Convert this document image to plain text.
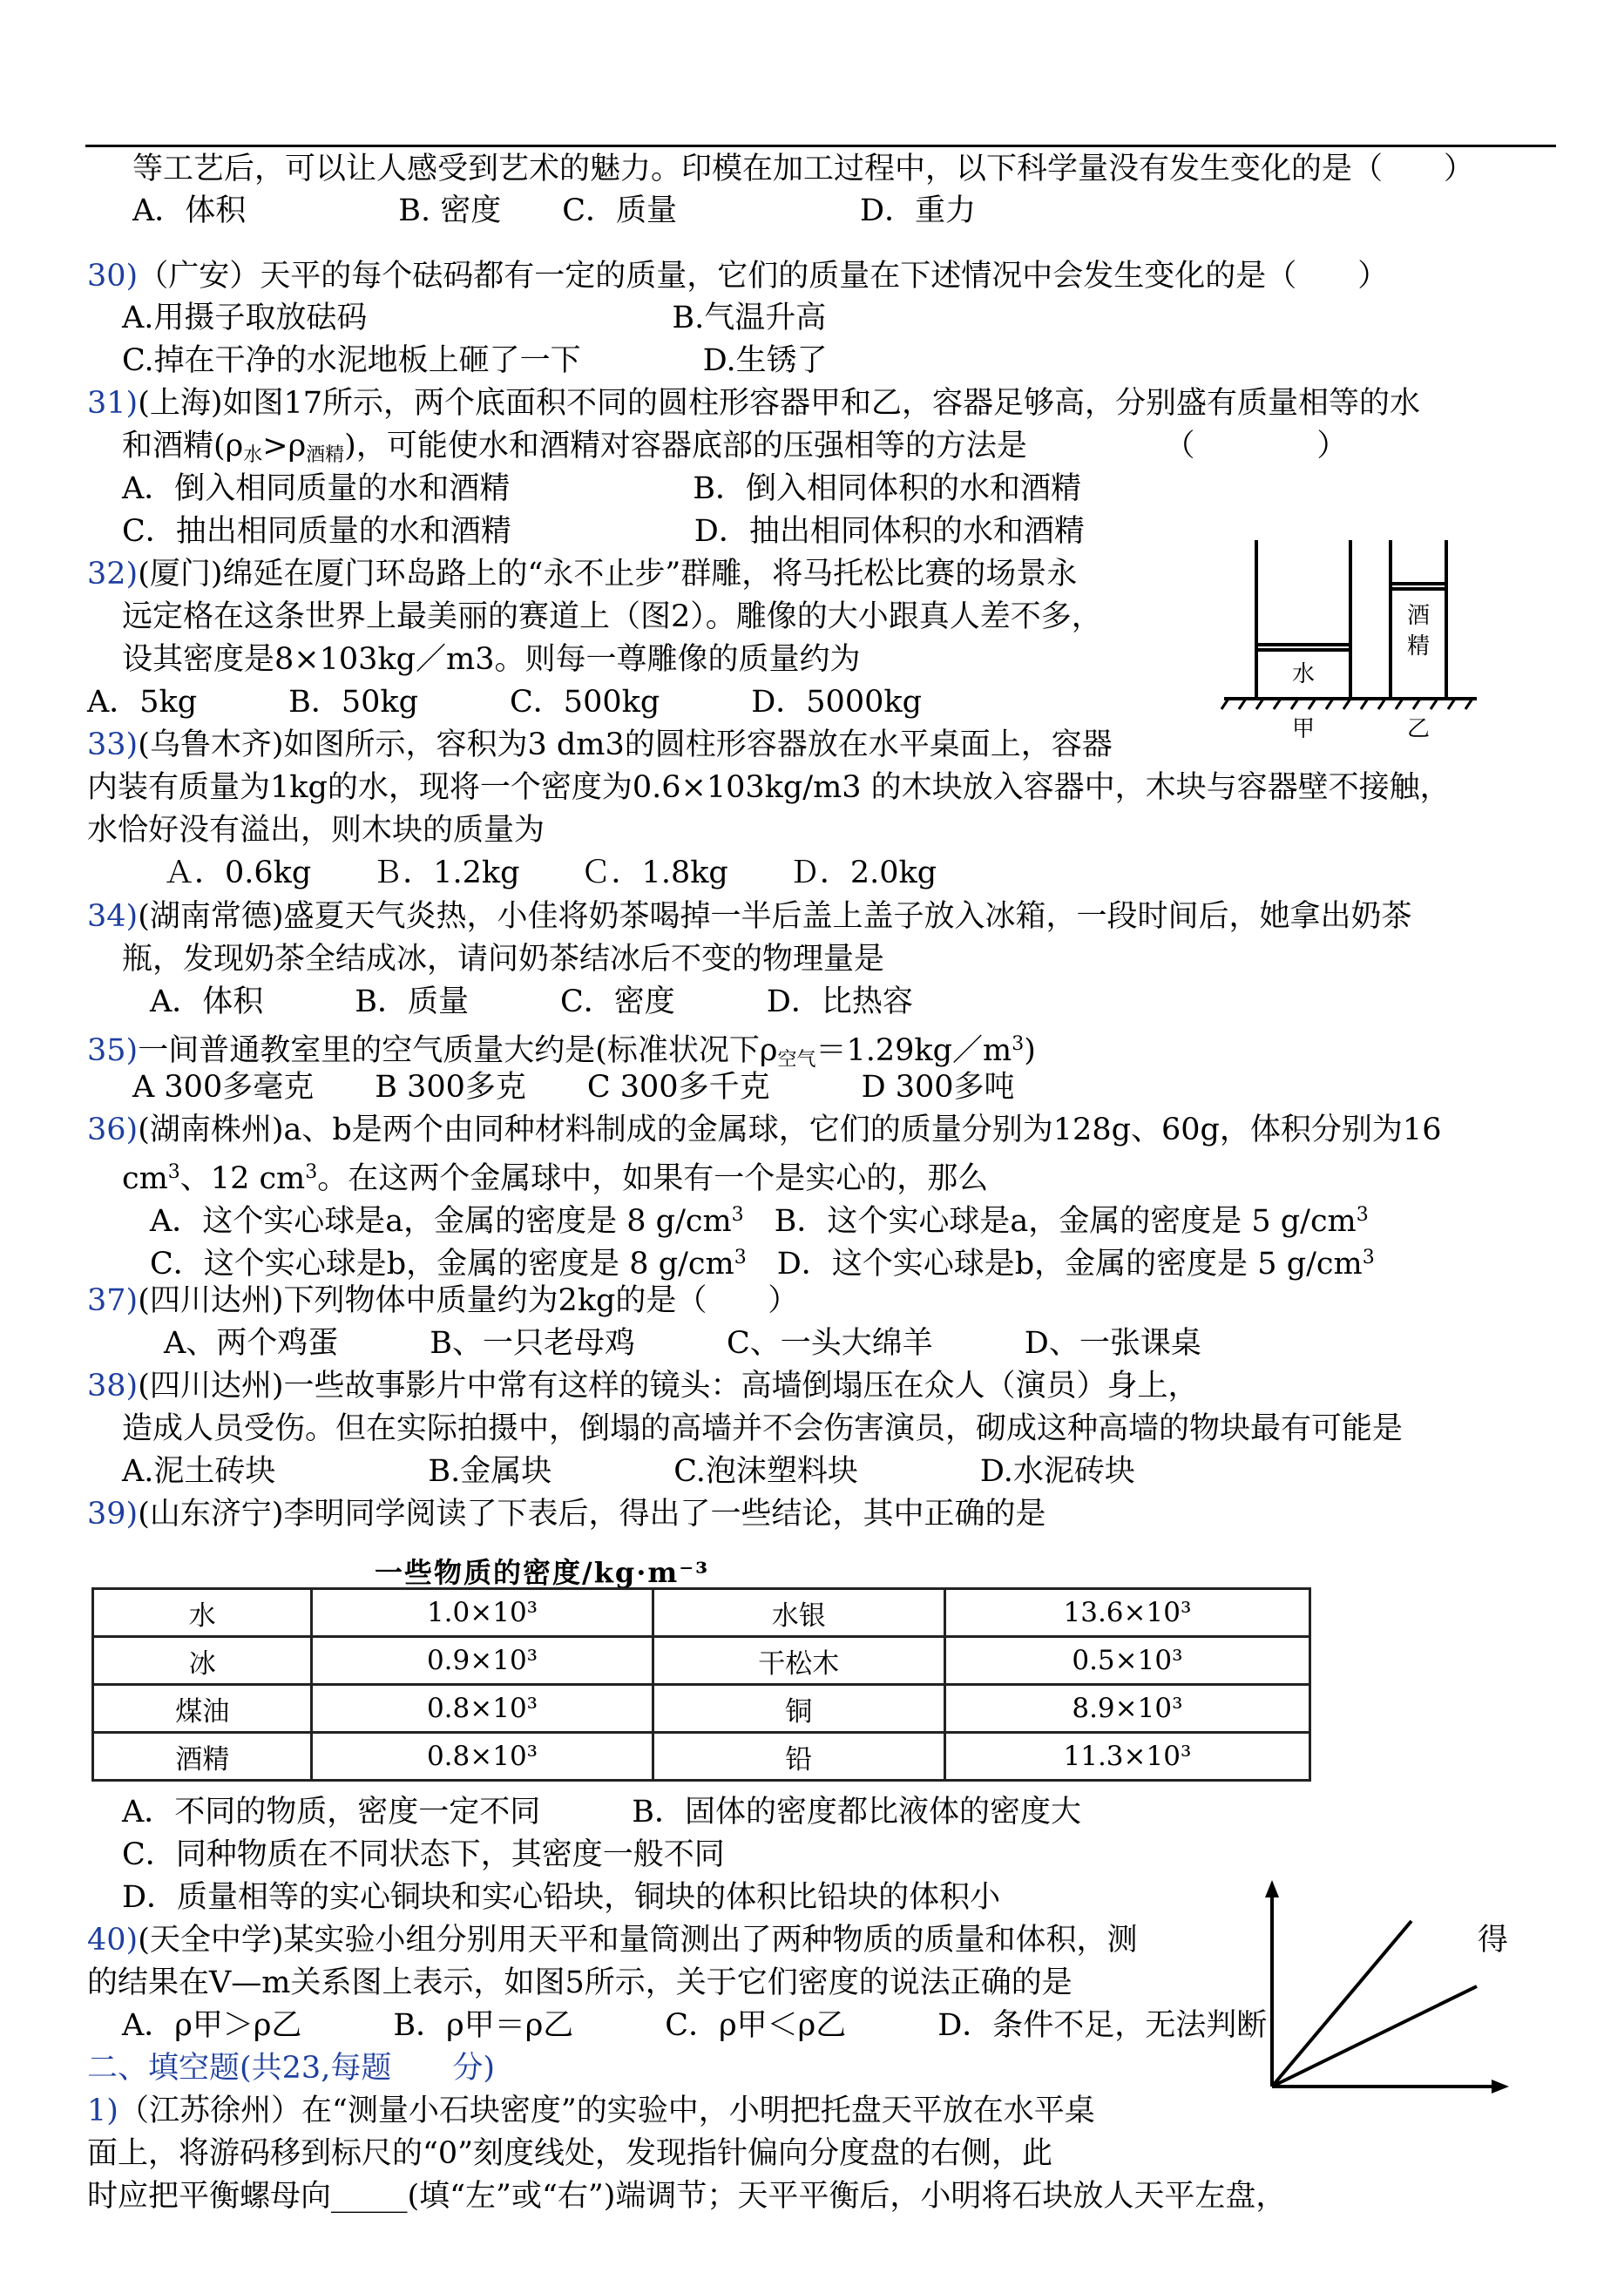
等工艺后，可以让人感受到艺术的魅力。印模在加工过程中，以下科学量没有发生变化的是（　　）
A．体积　　　　　B. 密度　　C．质量　　　　　　D．重力
30)（广安）天平的每个砝码都有一定的质量，它们的质量在下述情况中会发生变化的是（　　）
A.用摄子取放砝码　　　　　　　　　　B.气温升高
C.掉在干净的水泥地板上砸了一下　　　　D.生锈了
31)(上海)如图17所示，两个底面积不同的圆柱形容器甲和乙，容器足够高，分别盛有质量相等的水
和酒精$(\rho_水>\rho_{酒精})$，可能使水和酒精对容器底部的压强相等的方法是　　　　　（　　　　）
A．倒入相同质量的水和酒精　　　　　　B．倒入相同体积的水和酒精
C．抽出相同质量的水和酒精　　　　　　D．抽出相同体积的水和酒精
32)(厦门)绵延在厦门环岛路上的“永不止步”群雕，将马托松比赛的场景永
远定格在这条世界上最美丽的赛道上（图2）。雕像的大小跟真人差不多，
设其密度是8×103kg／m3。则每一尊雕像的质量约为
A．5kg　　　B．50kg　　　C．500kg　　　D．5000kg
水
酒
精
甲	乙
33)(乌鲁木齐)如图所示，容积为3 dm3的圆柱形容器放在水平桌面上，容器
内装有质量为1kg的水，现将一个密度为0.6×103kg/m3 的木块放入容器中，木块与容器壁不接触，
水恰好没有溢出，则木块的质量为
Ａ．0.6kg　　Ｂ．1.2kg　　Ｃ．1.8kg　　Ｄ．2.0kg
34)(湖南常德)盛夏天气炎热，小佳将奶茶喝掉一半后盖上盖子放入冰箱，一段时间后，她拿出奶茶
瓶，发现奶茶全结成冰，请问奶茶结冰后不变的物理量是
A．体积　　　B．质量　　　C．密度　　　D．比热容
35)一间普通教室里的空气质量大约是(标准状况下$\rho_{空气}=1.29kg/m^3$)
A 300多毫克　　B 300多克　　C 300多千克　　　D 300多吨
36)(湖南株州)a、b是两个由同种材料制成的金属球，它们的质量分别为128g、60g，体积分别为16
$cm^3$、12 $cm^3$。在这两个金属球中，如果有一个是实心的，那么
A．这个实心球是a，金属的密度是 8 $g/cm^3$　B．这个实心球是a，金属的密度是 5 $g/cm^3$
C．这个实心球是b，金属的密度是 8 $g/cm^3$　D．这个实心球是b，金属的密度是 5 $g/cm^3$
37)(四川达州)下列物体中质量约为2kg的是（　　）
A、两个鸡蛋　　　B、一只老母鸡　　　C、一头大绵羊　　　D、一张课桌
38)(四川达州)一些故事影片中常有这样的镜头：高墙倒塌压在众人（演员）身上，
造成人员受伤。但在实际拍摄中，倒塌的高墙并不会伤害演员，砌成这种高墙的物块最有可能是
A.泥土砖块　　　　　B.金属块　　　　C.泡沫塑料块　　　　D.水泥砖块
39)(山东济宁)李明同学阅读了下表后，得出了一些结论，其中正确的是
一些物质的密度/kg·m⁻³
水	1.0×10³	水银	13.6×10³
冰	0.9×10³	干松木	0.5×10³
煤油	0.8×10³	铜	8.9×10³
酒精	0.8×10³	铅	11.3×10³
A．不同的物质，密度一定不同　　　B．固体的密度都比液体的密度大
C．同种物质在不同状态下，其密度一般不同
D．质量相等的实心铜块和实心铅块，铜块的体积比铅块的体积小
40)(天全中学)某实验小组分别用天平和量筒测出了两种物质的质量和体积，测	得
的结果在V—m关系图上表示，如图5所示，关于它们密度的说法正确的是
A．ρ甲＞ρ乙　　　B．ρ甲＝ρ乙　　　C．ρ甲＜ρ乙　　　D．条件不足，无法判断
二、填空题(共23,每题　　分)
1)（江苏徐州）在“测量小石块密度”的实验中，小明把托盘天平放在水平桌
面上，将游码移到标尺的“0”刻度线处，发现指针偏向分度盘的右侧，此
时应把平衡螺母向_____(填“左”或“右”)端调节；天平平衡后，小明将石块放人天平左盘，
